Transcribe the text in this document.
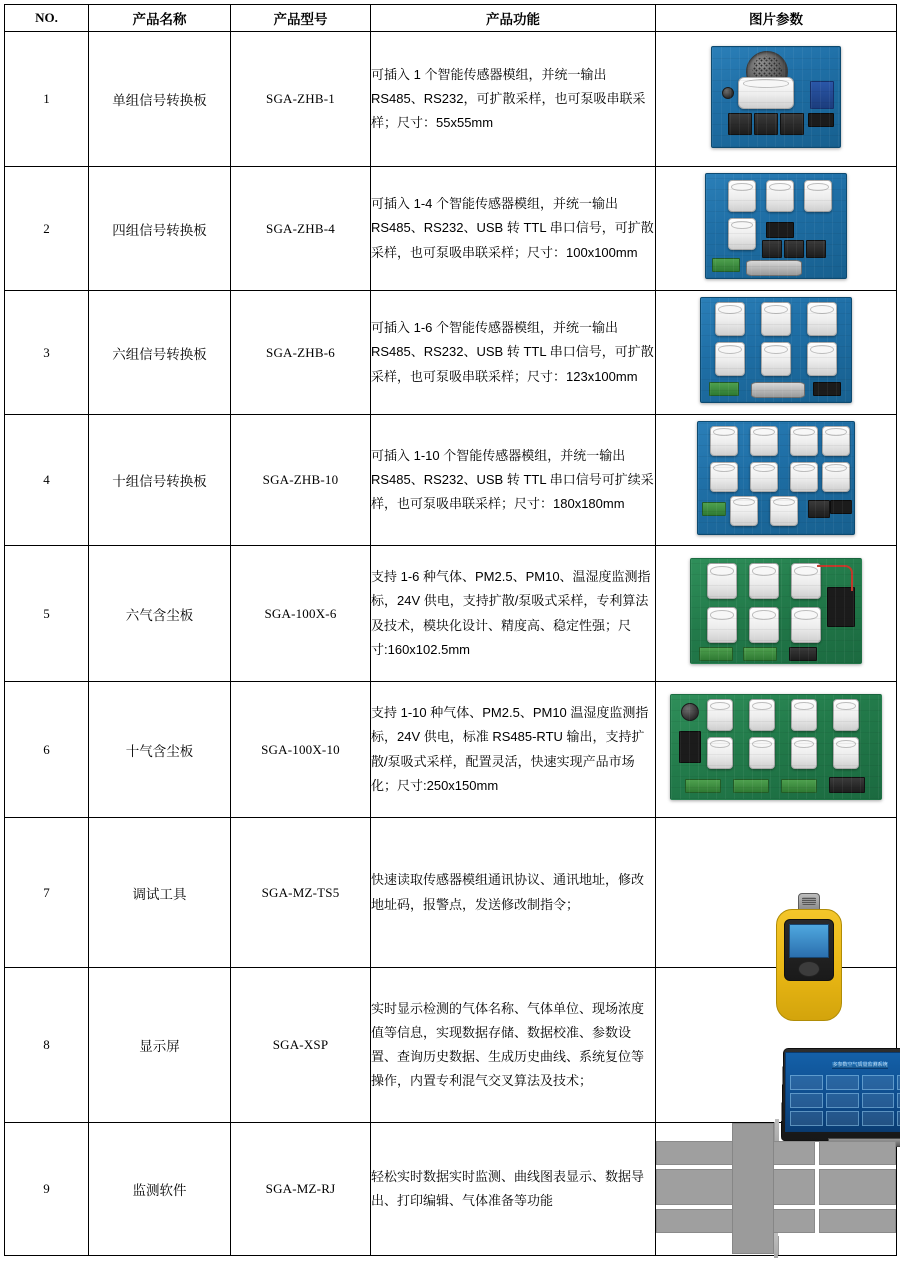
NO.	产品名称	产品型号	产品功能	图片参数
1	单组信号转换板	SGA-ZHB-1	可插入 1 个智能传感器模组，并统一输出 RS485、RS232，可扩散采样，也可泵吸串联采样；尺寸：55x55mm	

2	四组信号转换板	SGA-ZHB-4	可插入 1-4 个智能传感器模组，并统一输出 RS485、RS232、USB 转 TTL 串口信号，可扩散采样，也可泵吸串联采样；尺寸：100x100mm	

3	六组信号转换板	SGA-ZHB-6	可插入 1-6 个智能传感器模组，并统一输出 RS485、RS232、USB 转 TTL 串口信号，可扩散采样，也可泵吸串联采样；尺寸：123x100mm	

4	十组信号转换板	SGA-ZHB-10	可插入 1-10 个智能传感器模组，并统一输出 RS485、RS232、USB 转 TTL 串口信号可扩续采样，也可泵吸串联采样；尺寸：180x180mm	

5	六气含尘板	SGA-100X-6	支持 1-6 种气体、PM2.5、PM10、温湿度监测指标，24V 供电，支持扩散/泵吸式采样，专利算法及技术，模块化设计、精度高、稳定性强；尺寸:160x102.5mm	

6	十气含尘板	SGA-100X-10	支持 1-10 种气体、PM2.5、PM10 温湿度监测指标，24V 供电，标准 RS485-RTU 输出，支持扩散/泵吸式采样，配置灵活，快速实现产品市场化；尺寸:250x150mm	

7	调试工具	SGA-MZ-TS5	快速读取传感器模组通讯协议、通讯地址，修改地址码，报警点，发送修改制指令；	

8	显示屏	SGA-XSP	实时显示检测的气体名称、气体单位、现场浓度值等信息，实现数据存储、数据校准、参数设置、查询历史数据、生成历史曲线、系统复位等操作，内置专利混气交叉算法及技术；	多参数空气质量监测系统

9	监测软件	SGA-MZ-RJ	轻松实时数据实时监测、曲线图表显示、数据导出、打印编辑、气体准备等功能	
